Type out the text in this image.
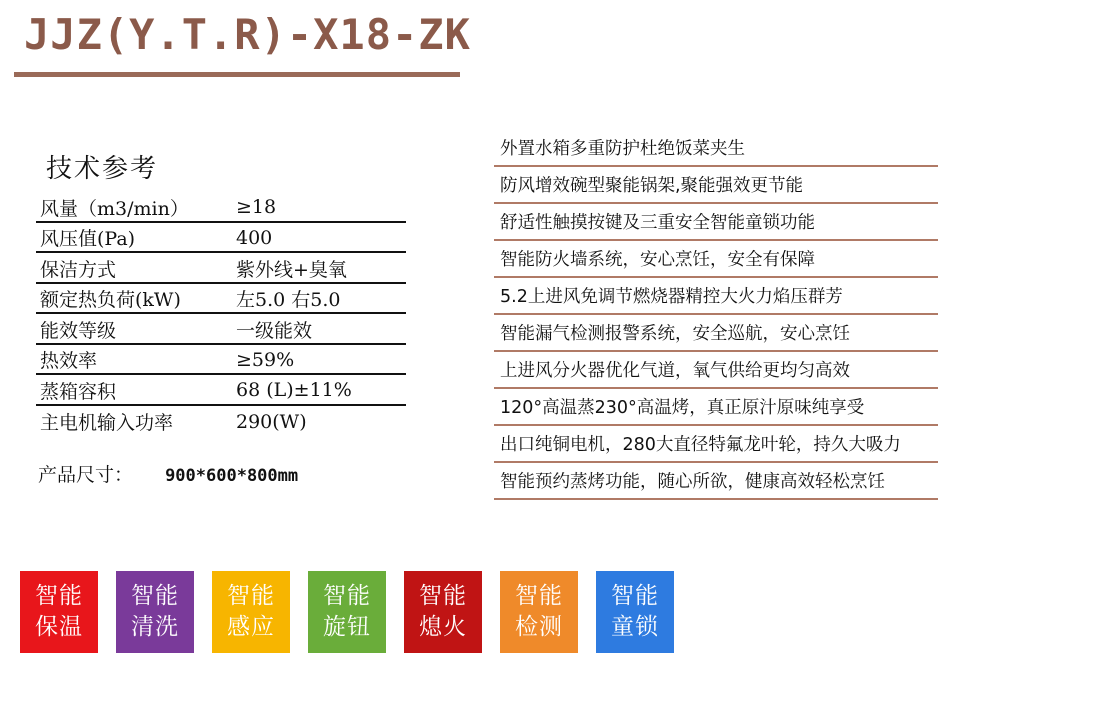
JJZ(Y.T.R)-X18-ZK
技术参考
风量（m3/min）	≥18
风压值(Pa)	400
保洁方式	紫外线+臭氧
额定热负荷(kW)	左5.0 右5.0
能效等级	一级能效
热效率	≥59%
蒸箱容积	68 (L)±11%
主电机输入功率	290(W)
产品尺寸： 900*600*800mm
外置水箱多重防护杜绝饭菜夹生
防风增效碗型聚能锅架,聚能强效更节能
舒适性触摸按键及三重安全智能童锁功能
智能防火墙系统，安心烹饪，安全有保障
5.2上进风免调节燃烧器精控大火力焰压群芳
智能漏气检测报警系统，安全巡航，安心烹饪
上进风分火器优化气道，氧气供给更均匀高效
120°高温蒸230°高温烤，真正原汁原味纯享受
出口纯铜电机，280大直径特氟龙叶轮，持久大吸力
智能预约蒸烤功能，随心所欲，健康高效轻松烹饪
智能
保温
智能
清洗
智能
感应
智能
旋钮
智能
熄火
智能
检测
智能
童锁
